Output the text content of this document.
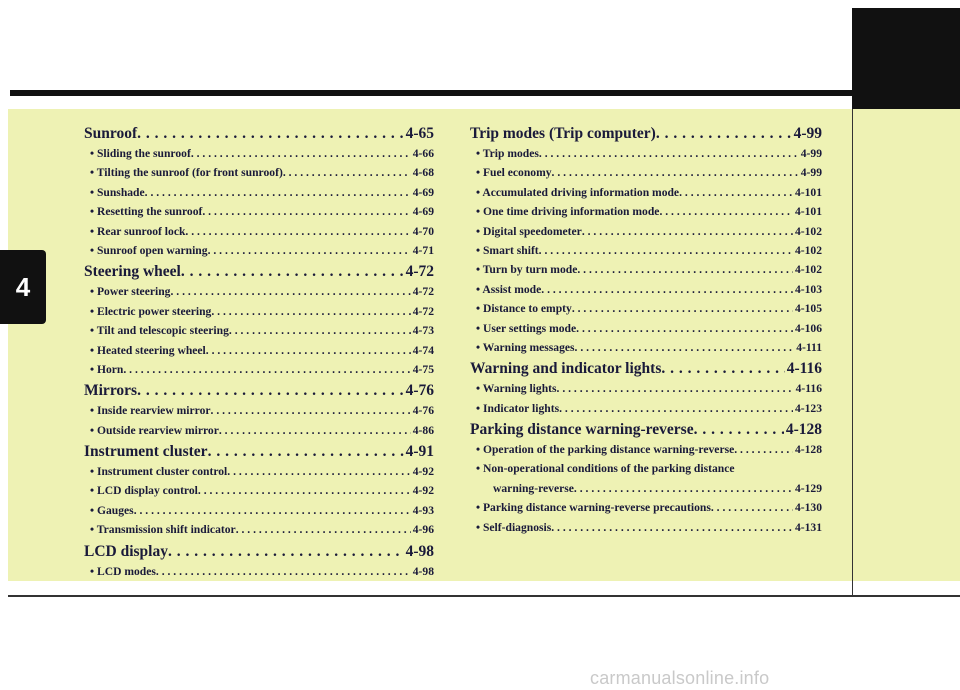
4
Sunroof . . .	4-65
• Sliding the sunroof . . .	4-66
• Tilting the sunroof (for front sunroof) . . .	4-68
• Sunshade . . .	4-69
• Resetting the sunroof . . .	4-69
• Rear sunroof lock . . .	4-70
• Sunroof open warning . . .	4-71
Steering wheel . . .	4-72
• Power steering . . .	4-72
• Electric power steering . . .	4-72
• Tilt and telescopic steering . . .	4-73
• Heated steering wheel . . .	4-74
• Horn . . .	4-75
Mirrors . . .	4-76
• Inside rearview mirror . . .	4-76
• Outside rearview mirror . . .	4-86
Instrument cluster . . .	4-91
• Instrument cluster control . . .	4-92
• LCD display control . . .	4-92
• Gauges . . .	4-93
• Transmission shift indicator . . .	4-96
LCD display . . .	4-98
• LCD modes . . .	4-98
Trip modes (Trip computer) . . .	4-99
• Trip modes . . .	4-99
• Fuel economy . . .	4-99
• Accumulated driving information mode . . .	4-101
• One time driving information mode . . .	4-101
• Digital speedometer . . .	4-102
• Smart shift . . .	4-102
• Turn by turn mode . . .	4-102
• Assist mode . . .	4-103
• Distance to empty . . .	4-105
• User settings mode . . .	4-106
• Warning messages . . .	4-111
Warning and indicator lights . . .	4-116
• Warning lights . . .	4-116
• Indicator lights . . .	4-123
Parking distance warning-reverse . . .	4-128
• Operation of the parking distance warning-reverse . . .	4-128
• Non-operational conditions of the parking distance
warning-reverse . . .	4-129
• Parking distance warning-reverse precautions . . .	4-130
• Self-diagnosis . . .	4-131
carmanualsonline.info
